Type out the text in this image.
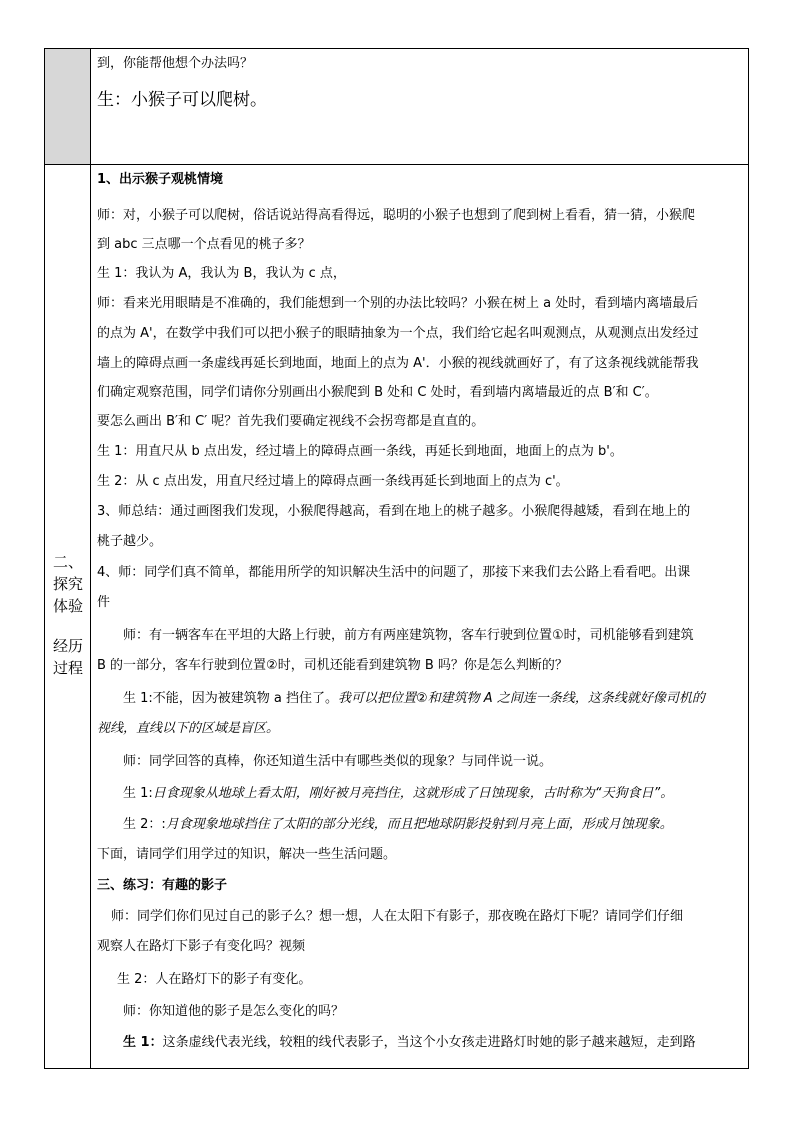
到，你能帮他想个办法吗？
生：小猴子可以爬树。
二、
探究
体验
经历
过程
1、出示猴子观桃情境
师：对，小猴子可以爬树，俗话说站得高看得远，聪明的小猴子也想到了爬到树上看看，猜一猜，小猴爬
到 abc 三点哪一个点看见的桃子多？
生 1：我认为 A，我认为 B，我认为 c 点，
师：看来光用眼睛是不准确的，我们能想到一个别的办法比较吗？小猴在树上 a 处时，看到墙内离墙最后
的点为 A'，在数学中我们可以把小猴子的眼睛抽象为一个点，我们给它起名叫观测点，从观测点出发经过
墙上的障碍点画一条虚线再延长到地面，地面上的点为 A'．小猴的视线就画好了，有了这条视线就能帮我
们确定观察范围，同学们请你分别画出小猴爬到 B 处和 C 处时，看到墙内离墙最近的点 B′和 C′。
要怎么画出 B′和 C′ 呢？首先我们要确定视线不会拐弯都是直直的。
生 1：用直尺从 b 点出发，经过墙上的障碍点画一条线，再延长到地面，地面上的点为 b'。
生 2：从 c 点出发，用直尺经过墙上的障碍点画一条线再延长到地面上的点为 c'。
3、师总结：通过画图我们发现，小猴爬得越高，看到在地上的桃子越多。小猴爬得越矮，看到在地上的
桃子越少。
4、师：同学们真不简单，都能用所学的知识解决生活中的问题了，那接下来我们去公路上看看吧。出课
件
师：有一辆客车在平坦的大路上行驶，前方有两座建筑物，客车行驶到位置①时，司机能够看到建筑
B 的一部分，客车行驶到位置②时，司机还能看到建筑物 B 吗？你是怎么判断的？
生 1:不能，因为被建筑物 a 挡住了。我可以把位置②和建筑物 A 之间连一条线，这条线就好像司机的
视线，直线以下的区域是盲区。
师：同学回答的真棒，你还知道生活中有哪些类似的现象？与同伴说一说。
生 1:日食现象从地球上看太阳，刚好被月亮挡住，这就形成了日蚀现象，古时称为“天狗食日”。
生 2：:月食现象地球挡住了太阳的部分光线，而且把地球阴影投射到月亮上面，形成月蚀现象。
下面，请同学们用学过的知识，解决一些生活问题。
三、练习：有趣的影子
师：同学们你们见过自己的影子么？想一想，人在太阳下有影子，那夜晚在路灯下呢？请同学们仔细
观察人在路灯下影子有变化吗？视频
生 2：人在路灯下的影子有变化。
师：你知道他的影子是怎么变化的吗？
生 1：这条虚线代表光线，较粗的线代表影子，当这个小女孩走进路灯时她的影子越来越短，走到路
